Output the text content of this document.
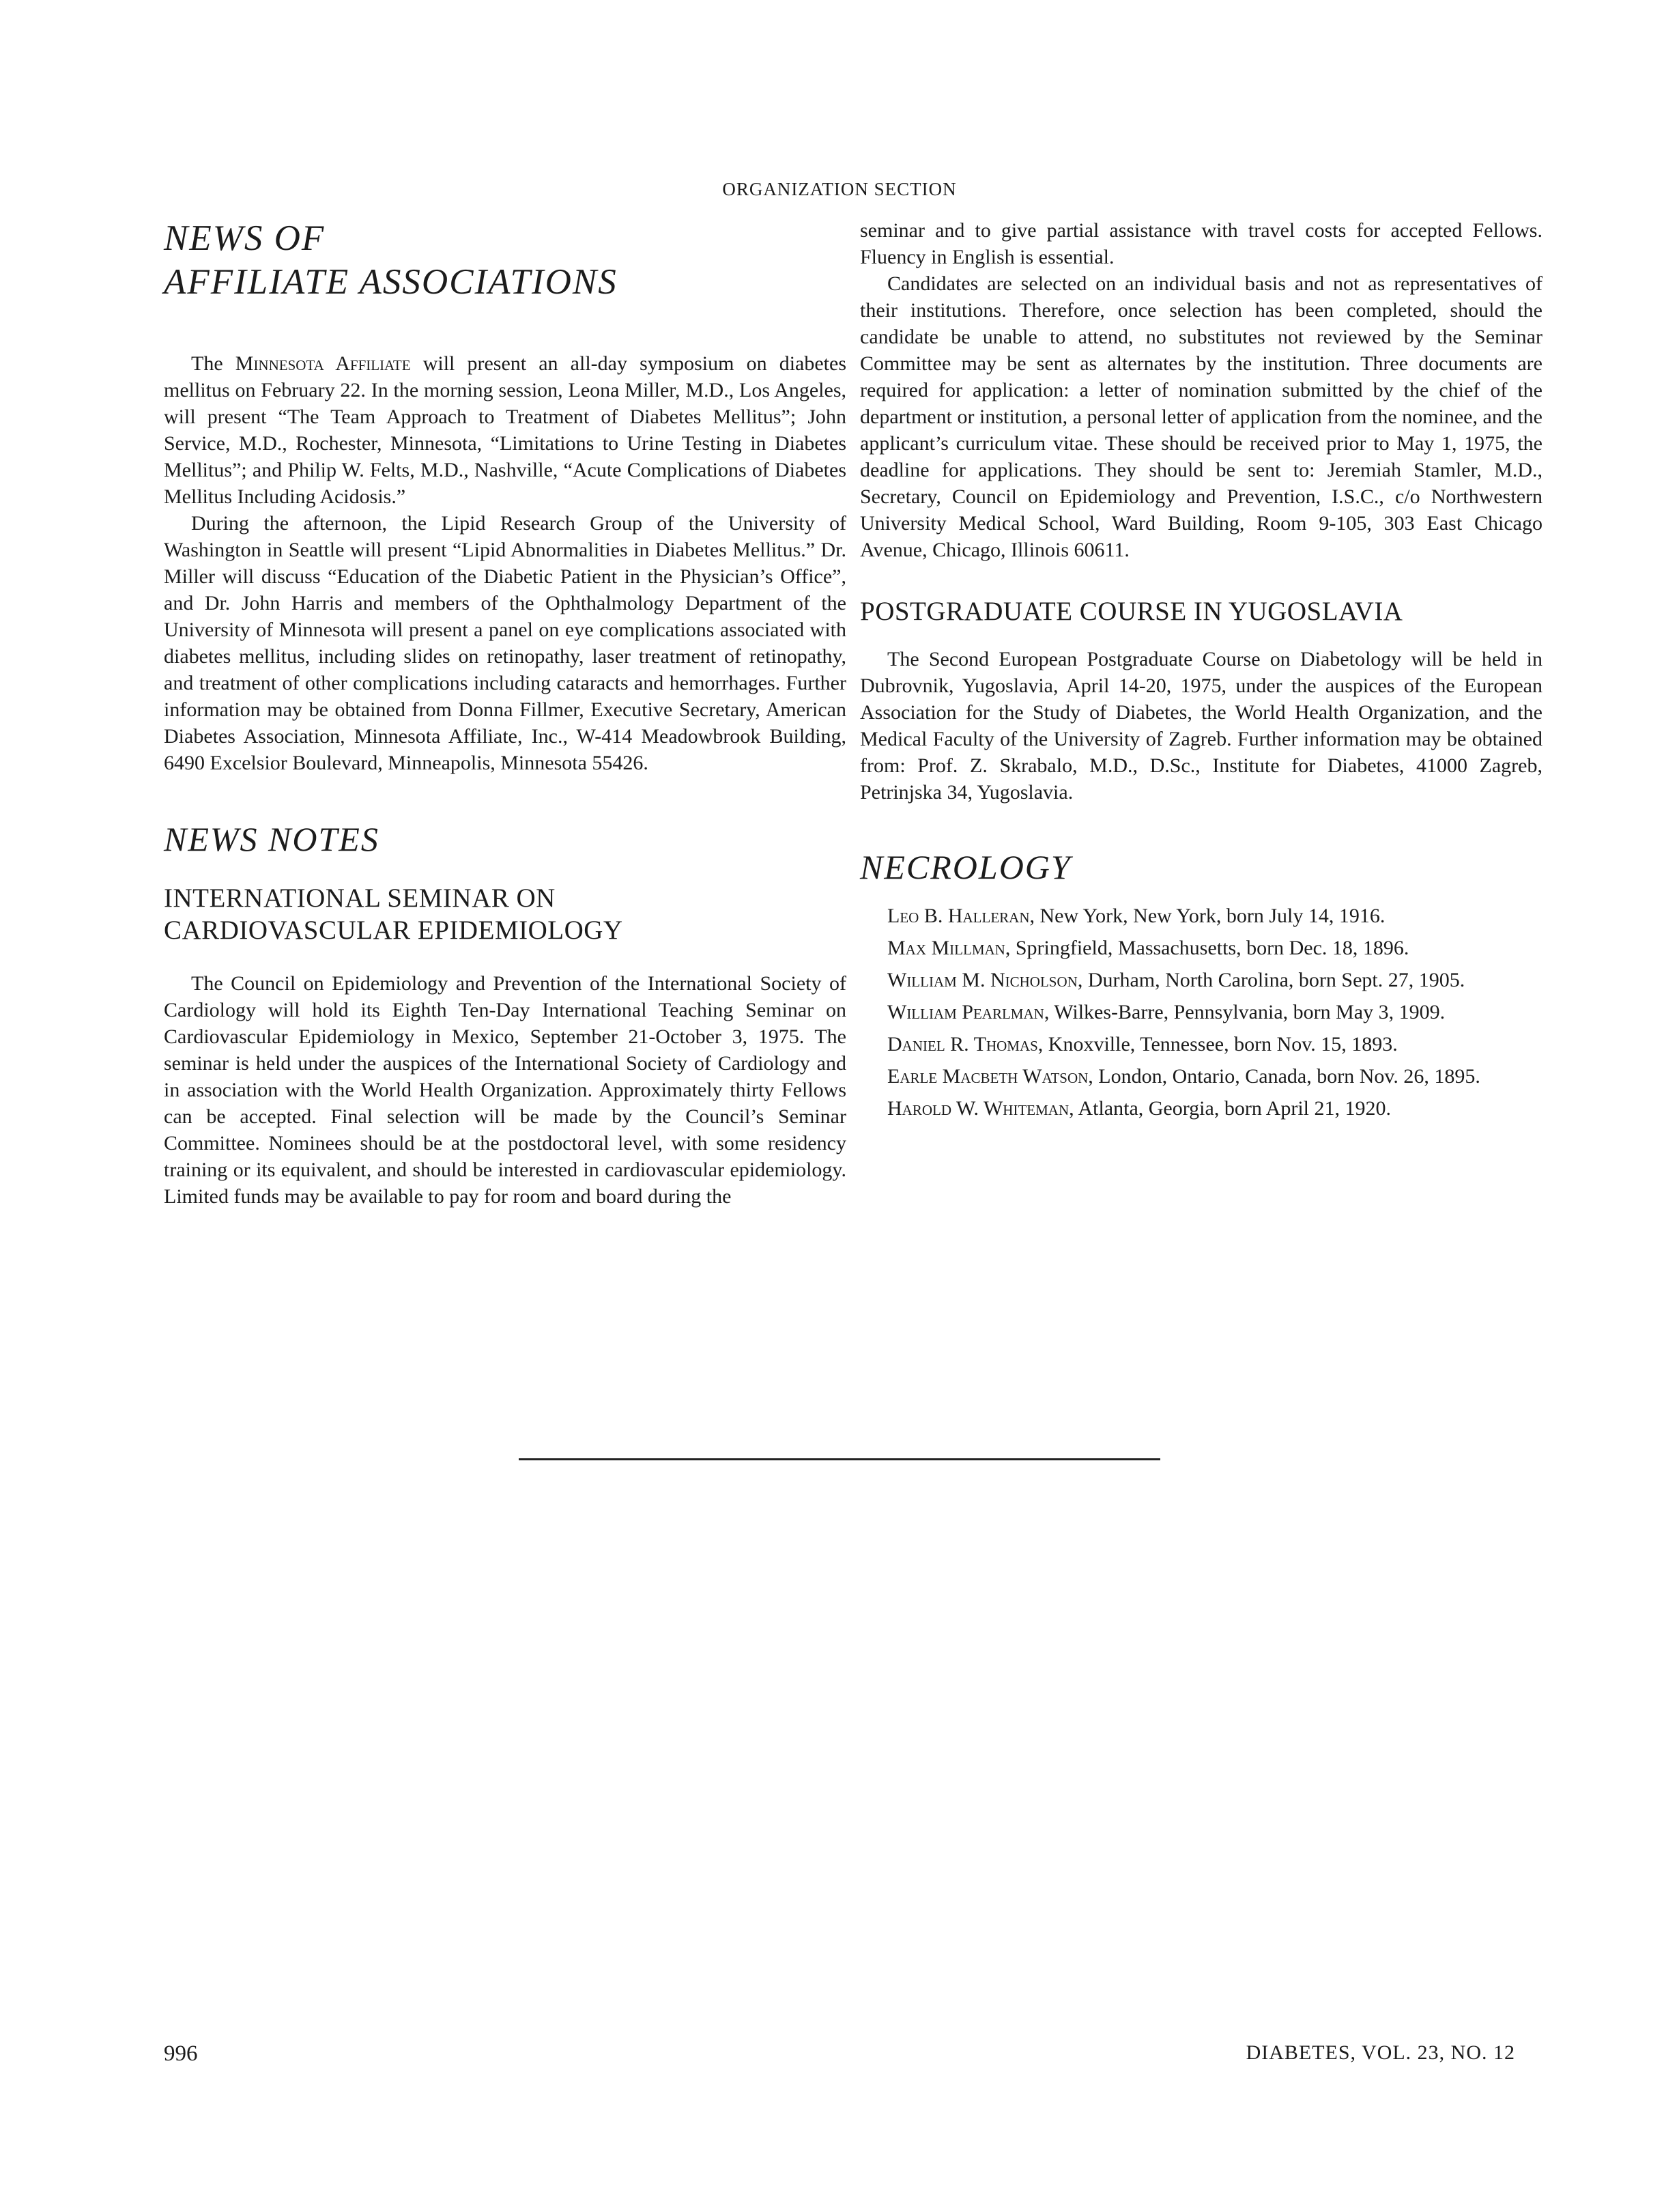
ORGANIZATION SECTION
NEWS OF
AFFILIATE ASSOCIATIONS

The Minnesota Affiliate will present an all-day symposium on diabetes mellitus on February 22. In the morning session, Leona Miller, M.D., Los Angeles, will present “The Team Approach to Treatment of Diabetes Mellitus”; John Service, M.D., Rochester, Minnesota, “Limitations to Urine Testing in Diabetes Mellitus”; and Philip W. Felts, M.D., Nashville, “Acute Complications of Diabetes Mellitus Including Acidosis.”

During the afternoon, the Lipid Research Group of the University of Washington in Seattle will present “Lipid Abnormalities in Diabetes Mellitus.” Dr. Miller will discuss “Education of the Diabetic Patient in the Physician’s Office”, and Dr. John Harris and members of the Ophthalmology Department of the University of Minnesota will present a panel on eye complications associated with diabetes mellitus, including slides on retinopathy, laser treatment of retinopathy, and treatment of other complications including cataracts and hemorrhages. Further information may be obtained from Donna Fillmer, Executive Secretary, American Diabetes Association, Minnesota Affiliate, Inc., W-414 Meadowbrook Building, 6490 Excelsior Boulevard, Minneapolis, Minnesota 55426.

NEWS NOTES
INTERNATIONAL SEMINAR ON
CARDIOVASCULAR EPIDEMIOLOGY

The Council on Epidemiology and Prevention of the International Society of Cardiology will hold its Eighth Ten-Day International Teaching Seminar on Cardiovascular Epidemiology in Mexico, September 21-October 3, 1975. The seminar is held under the auspices of the International Society of Cardiology and in association with the World Health Organization. Approximately thirty Fellows can be accepted. Final selection will be made by the Council’s Seminar Committee. Nominees should be at the postdoctoral level, with some residency training or its equivalent, and should be interested in cardiovascular epidemiology. Limited funds may be available to pay for room and board during the

seminar and to give partial assistance with travel costs for accepted Fellows. Fluency in English is essential.

Candidates are selected on an individual basis and not as representatives of their institutions. Therefore, once selection has been completed, should the candidate be unable to attend, no substitutes not reviewed by the Seminar Committee may be sent as alternates by the institution. Three documents are required for application: a letter of nomination submitted by the chief of the department or institution, a personal letter of application from the nominee, and the applicant’s curriculum vitae. These should be received prior to May 1, 1975, the deadline for applications. They should be sent to: Jeremiah Stamler, M.D., Secretary, Council on Epidemiology and Prevention, I.S.C., c/o Northwestern University Medical School, Ward Building, Room 9-105, 303 East Chicago Avenue, Chicago, Illinois 60611.

POSTGRADUATE COURSE IN YUGOSLAVIA

The Second European Postgraduate Course on Diabetology will be held in Dubrovnik, Yugoslavia, April 14-20, 1975, under the auspices of the European Association for the Study of Diabetes, the World Health Organization, and the Medical Faculty of the University of Zagreb. Further information may be obtained from: Prof. Z. Skrabalo, M.D., D.Sc., Institute for Diabetes, 41000 Zagreb, Petrinjska 34, Yugoslavia.

NECROLOGY

Leo B. Halleran, New York, New York, born July 14, 1916.

Max Millman, Springfield, Massachusetts, born Dec. 18, 1896.

William M. Nicholson, Durham, North Carolina, born Sept. 27, 1905.

William Pearlman, Wilkes-Barre, Pennsylvania, born May 3, 1909.

Daniel R. Thomas, Knoxville, Tennessee, born Nov. 15, 1893.

Earle Macbeth Watson, London, Ontario, Canada, born Nov. 26, 1895.

Harold W. Whiteman, Atlanta, Georgia, born April 21, 1920.

996	DIABETES, VOL. 23, NO. 12
